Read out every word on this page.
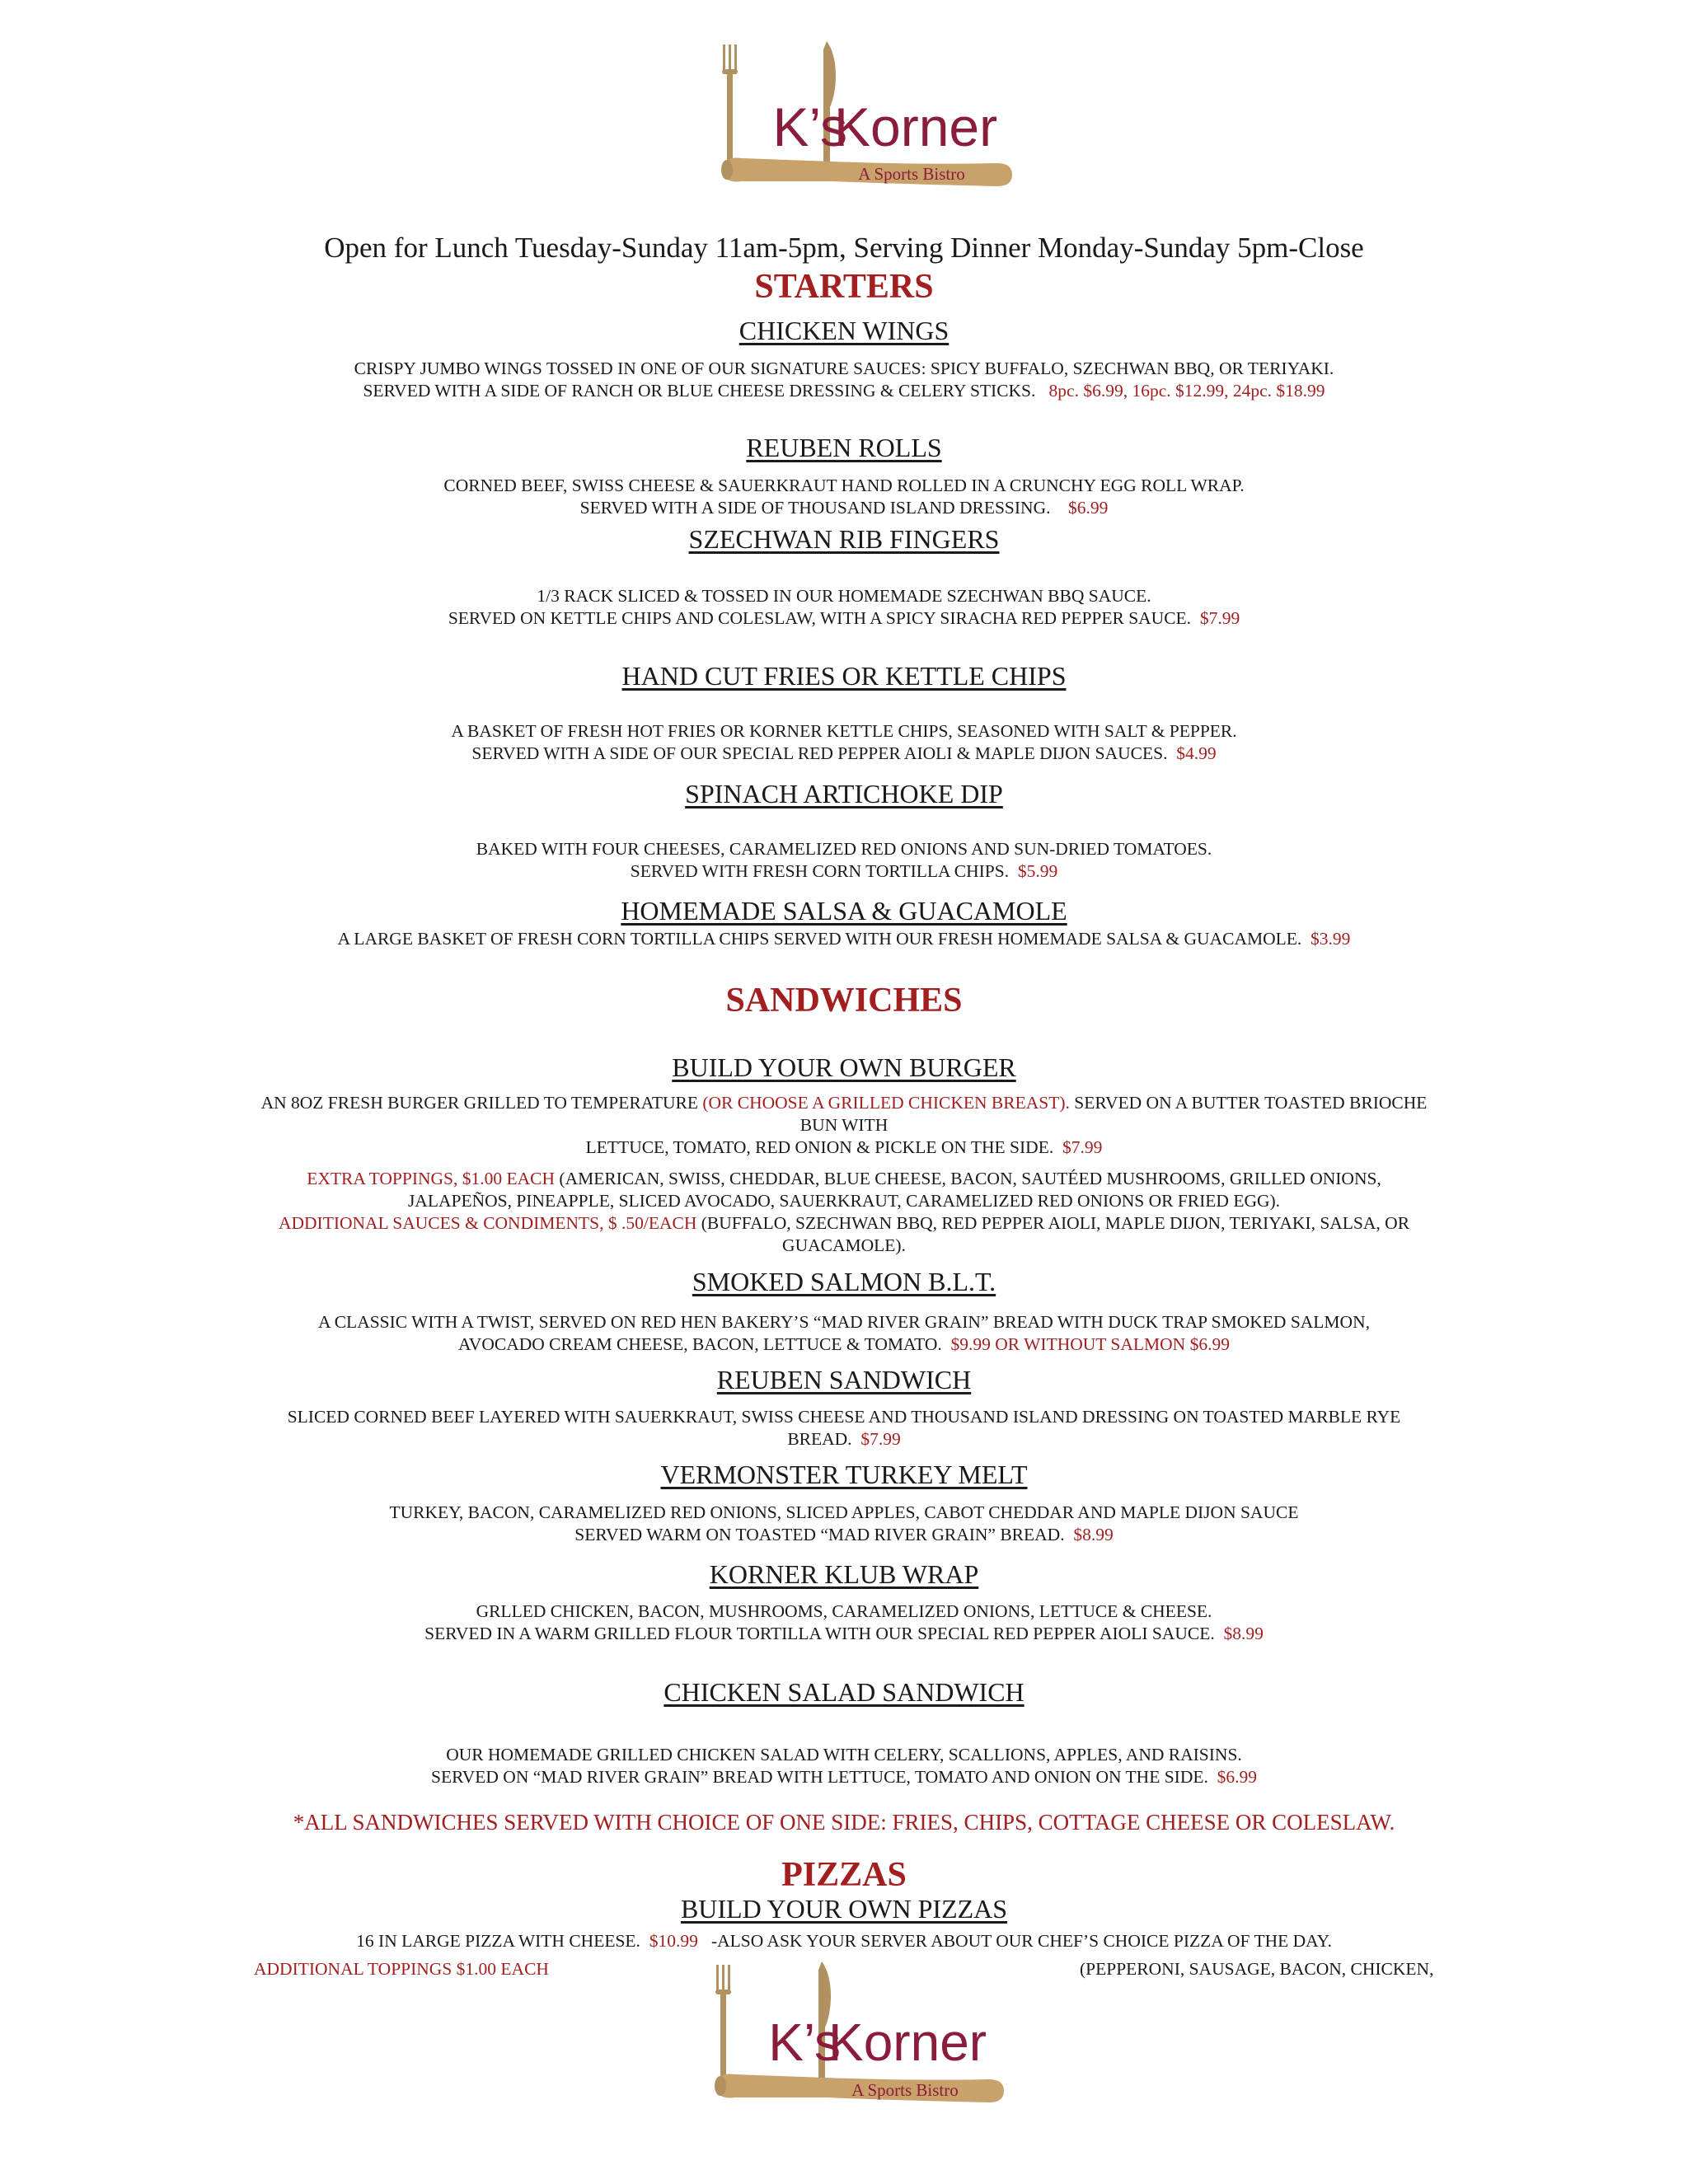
K’s
Korner
A Sports Bistro
Open for Lunch Tuesday-Sunday 11am-5pm, Serving Dinner Monday-Sunday 5pm-Close
STARTERS
CHICKEN WINGS
CRISPY JUMBO WINGS TOSSED IN ONE OF OUR SIGNATURE SAUCES: SPICY BUFFALO, SZECHWAN BBQ, OR TERIYAKI.
SERVED WITH A SIDE OF RANCH OR BLUE CHEESE DRESSING & CELERY STICKS. 8pc. $6.99, 16pc. $12.99, 24pc. $18.99
REUBEN ROLLS
CORNED BEEF, SWISS CHEESE & SAUERKRAUT HAND ROLLED IN A CRUNCHY EGG ROLL WRAP.
SERVED WITH A SIDE OF THOUSAND ISLAND DRESSING. $6.99
SZECHWAN RIB FINGERS
1/3 RACK SLICED & TOSSED IN OUR HOMEMADE SZECHWAN BBQ SAUCE.
SERVED ON KETTLE CHIPS AND COLESLAW, WITH A SPICY SIRACHA RED PEPPER SAUCE. $7.99
HAND CUT FRIES OR KETTLE CHIPS
A BASKET OF FRESH HOT FRIES OR KORNER KETTLE CHIPS, SEASONED WITH SALT & PEPPER.
SERVED WITH A SIDE OF OUR SPECIAL RED PEPPER AIOLI & MAPLE DIJON SAUCES. $4.99
SPINACH ARTICHOKE DIP
BAKED WITH FOUR CHEESES, CARAMELIZED RED ONIONS AND SUN-DRIED TOMATOES.
SERVED WITH FRESH CORN TORTILLA CHIPS. $5.99
HOMEMADE SALSA & GUACAMOLE
A LARGE BASKET OF FRESH CORN TORTILLA CHIPS SERVED WITH OUR FRESH HOMEMADE SALSA & GUACAMOLE. $3.99
SANDWICHES
BUILD YOUR OWN BURGER
AN 8OZ FRESH BURGER GRILLED TO TEMPERATURE (OR CHOOSE A GRILLED CHICKEN BREAST). SERVED ON A BUTTER TOASTED BRIOCHE
BUN WITH
LETTUCE, TOMATO, RED ONION & PICKLE ON THE SIDE. $7.99
EXTRA TOPPINGS, $1.00 EACH (AMERICAN, SWISS, CHEDDAR, BLUE CHEESE, BACON, SAUTÉED MUSHROOMS, GRILLED ONIONS,
JALAPEÑOS, PINEAPPLE, SLICED AVOCADO, SAUERKRAUT, CARAMELIZED RED ONIONS OR FRIED EGG).
ADDITIONAL SAUCES & CONDIMENTS, $ .50/EACH (BUFFALO, SZECHWAN BBQ, RED PEPPER AIOLI, MAPLE DIJON, TERIYAKI, SALSA, OR
GUACAMOLE).
SMOKED SALMON B.L.T.
A CLASSIC WITH A TWIST, SERVED ON RED HEN BAKERY’S “MAD RIVER GRAIN” BREAD WITH DUCK TRAP SMOKED SALMON,
AVOCADO CREAM CHEESE, BACON, LETTUCE & TOMATO. $9.99 OR WITHOUT SALMON $6.99
REUBEN SANDWICH
SLICED CORNED BEEF LAYERED WITH SAUERKRAUT, SWISS CHEESE AND THOUSAND ISLAND DRESSING ON TOASTED MARBLE RYE
BREAD. $7.99
VERMONSTER TURKEY MELT
TURKEY, BACON, CARAMELIZED RED ONIONS, SLICED APPLES, CABOT CHEDDAR AND MAPLE DIJON SAUCE
SERVED WARM ON TOASTED “MAD RIVER GRAIN” BREAD. $8.99
KORNER KLUB WRAP
GRLLED CHICKEN, BACON, MUSHROOMS, CARAMELIZED ONIONS, LETTUCE & CHEESE.
SERVED IN A WARM GRILLED FLOUR TORTILLA WITH OUR SPECIAL RED PEPPER AIOLI SAUCE. $8.99
CHICKEN SALAD SANDWICH
OUR HOMEMADE GRILLED CHICKEN SALAD WITH CELERY, SCALLIONS, APPLES, AND RAISINS.
SERVED ON “MAD RIVER GRAIN” BREAD WITH LETTUCE, TOMATO AND ONION ON THE SIDE. $6.99
*ALL SANDWICHES SERVED WITH CHOICE OF ONE SIDE: FRIES, CHIPS, COTTAGE CHEESE OR COLESLAW.
PIZZAS
BUILD YOUR OWN PIZZAS
16 IN LARGE PIZZA WITH CHEESE. $10.99 -ALSO ASK YOUR SERVER ABOUT OUR CHEF’S CHOICE PIZZA OF THE DAY.
ADDITIONAL TOPPINGS $1.00 EACH	(PEPPERONI, SAUSAGE, BACON, CHICKEN,
K’s
Korner
A Sports Bistro
